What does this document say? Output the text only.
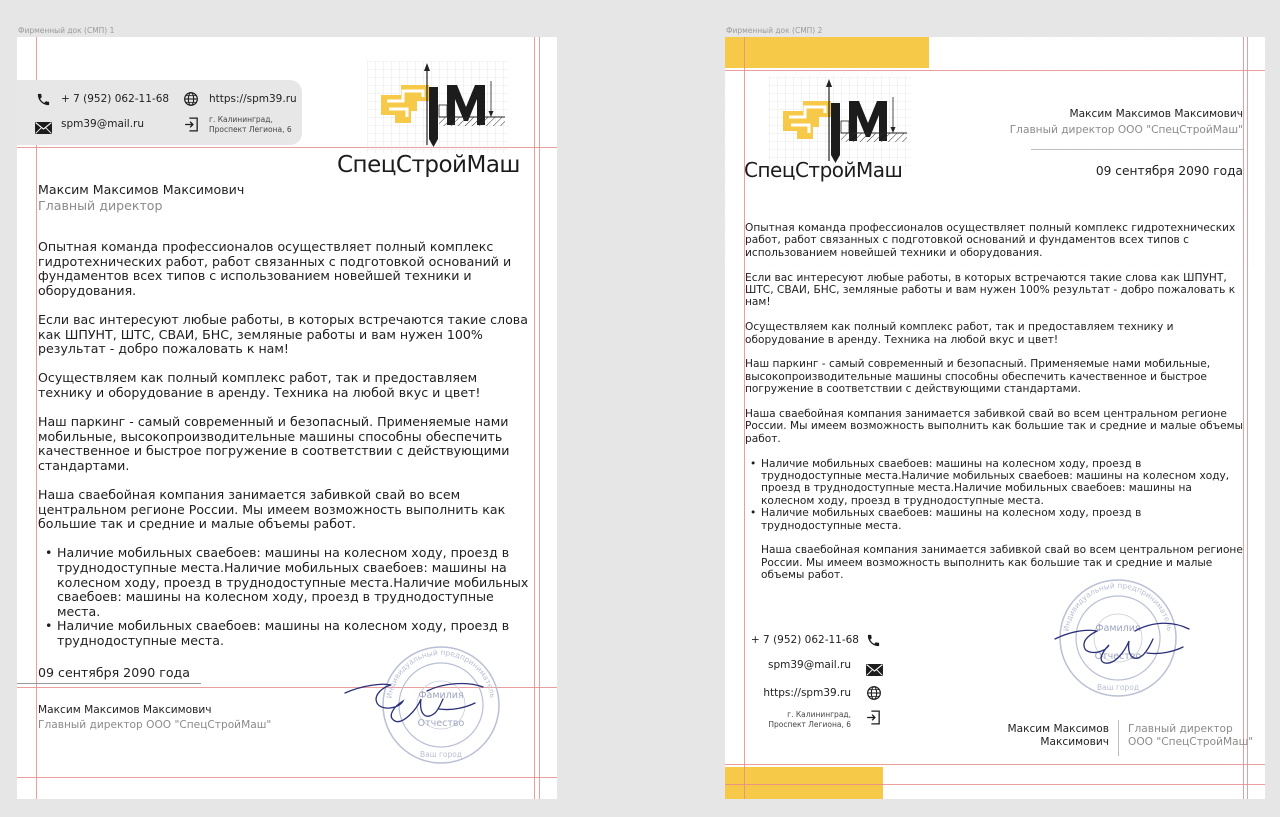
Фирменный док (СМП) 1	Фирменный док (СМП) 2
+ 7 (952) 062-11-68	https://spm39.ru
spm39@mail.ru	г. Калининград,
Проспект Легиона, 6
СпецСтройМаш
Максим Максимов Максимович
Главный директор

Опытная команда профессионалов осуществляет полный комплекс гидротехнических работ, работ связанных с подготовкой оснований и фундаментов всех типов с использованием новейшей техники и оборудования.

Если вас интересуют любые работы, в которых встречаются такие слова как ШПУНТ, ШТС, СВАИ, БНС, земляные работы и вам нужен 100% результат - добро пожаловать к нам!

Осуществляем как полный комплекс работ, так и предоставляем технику и оборудование в аренду. Техника на любой вкус и цвет!

Наш паркинг - самый современный и безопасный. Применяемые нами мобильные, высокопроизводительные машины способны обеспечить качественное и быстрое погружение в соответствии с действующими стандартами.

Наша сваебойная компания занимается забивкой свай во всем центральном регионе России. Мы имеем возможность выполнить как большие так и средние и малые объемы работ.

• Наличие мобильных сваебоев: машины на колесном ходу, проезд в труднодоступные места.Наличие мобильных сваебоев: машины на колесном ходу, проезд в труднодоступные места.Наличие мобильных сваебоев: машины на колесном ходу, проезд в труднодоступные места.
• Наличие мобильных сваебоев: машины на колесном ходу, проезд в труднодоступные места.
09 сентября 2090 года
Максим Максимов Максимович
Главный директор ООО "СпецСтройМаш"
Индивидуальный предприниматель
Фамилия
Отчество
Ваш город
СпецСтройМаш
Максим Максимов Максимович
Главный директор ООО "СпецСтройМаш"
09 сентября 2090 года

Опытная команда профессионалов осуществляет полный комплекс гидротехнических работ, работ связанных с подготовкой оснований и фундаментов всех типов с использованием новейшей техники и оборудования.

Если вас интересуют любые работы, в которых встречаются такие слова как ШПУНТ, ШТС, СВАИ, БНС, земляные работы и вам нужен 100% результат - добро пожаловать к нам!

Осуществляем как полный комплекс работ, так и предоставляем технику и оборудование в аренду. Техника на любой вкус и цвет!

Наш паркинг - самый современный и безопасный. Применяемые нами мобильные, высокопроизводительные машины способны обеспечить качественное и быстрое погружение в соответствии с действующими стандартами.

Наша сваебойная компания занимается забивкой свай во всем центральном регионе России. Мы имеем возможность выполнить как большие так и средние и малые объемы работ.

• Наличие мобильных сваебоев: машины на колесном ходу, проезд в труднодоступные места.Наличие мобильных сваебоев: машины на колесном ходу, проезд в труднодоступные места.Наличие мобильных сваебоев: машины на колесном ходу, проезд в труднодоступные места.
• Наличие мобильных сваебоев: машины на колесном ходу, проезд в труднодоступные места.

Наша сваебойная компания занимается забивкой свай во всем центральном регионе России. Мы имеем возможность выполнить как большие так и средние и малые объемы работ.

+ 7 (952) 062-11-68
spm39@mail.ru
https://spm39.ru
г. Калининград,
Проспект Легиона, 6
Индивидуальный предприниматель
Фамилия
Отчество
Ваш город
Максим Максимов
Максимович
Главный директор
ООО "СпецСтройМаш"
